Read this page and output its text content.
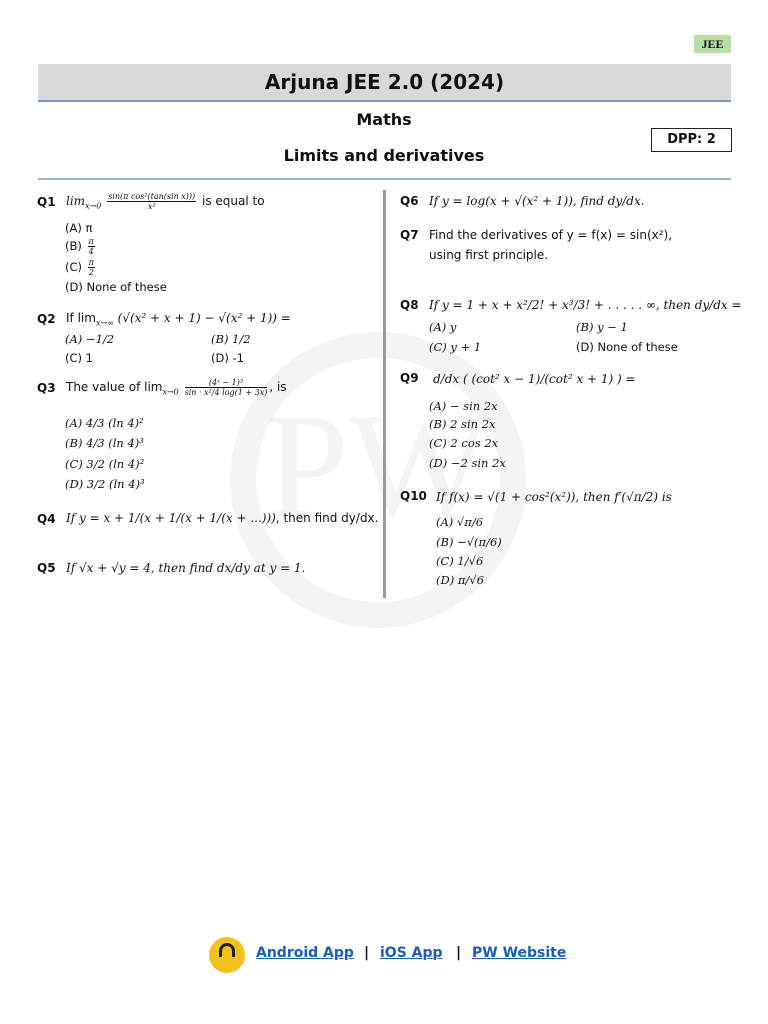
JEE
Arjuna JEE 2.0 (2024)
Maths
Limits and derivatives
DPP: 2
Q1 $\lim_{x\to 0} \frac{\text{sin(π cos²(tan(sin x)))}}{\text{x²}}$ is equal to
(A) π
$(B) \frac{\pi}{4}$
$(C) \frac{\pi}{2}$
(D) None of these
Q2 If $\lim_{x\to\infty} (√(x^2 + x + 1) - √(x^2 + 1))$ =
(A) −1/2	(B) 1/2
(C) 1	(D) -1
Q3 The value of $\lim_{x\to 0} \frac{\text{(4ˣ − 1)³}}{\text{sin · x²/4 log(1 + 3x)}}$ , is
(A) 4/3 (ln 4)²
(B) 4/3 (ln 4)³
(C) 3/2 (ln 4)²
(D) 3/2 (ln 4)³
Q4 If y = x + 1/(x + 1/(x + 1/(x + ...))), then find dy/dx.
Q5 If √x + √y = 4, then find dx/dy at y = 1.
Q6 If y = log(x + √(x² + 1)), find dy/dx.
Q7 Find the derivatives of y = f(x) = sin(x²),
using first principle.
Q8 If y = 1 + x + x²/2! + x³/3! + . . . . . ∞, then dy/dx =
(A) y	(B) y − 1
(C) y + 1	(D) None of these
Q9 d/dx ( (cot² x − 1)/(cot² x + 1) ) =
(A) − sin 2x
(B) 2 sin 2x
(C) 2 cos 2x
(D) −2 sin 2x
Q10 If f(x) = √(1 + cos²(x²)), then f′(√π/2) is
(A) √π/6
(B) −√(π/6)
(C) 1/√6
(D) π/√6
Android App | iOS App | PW Website
